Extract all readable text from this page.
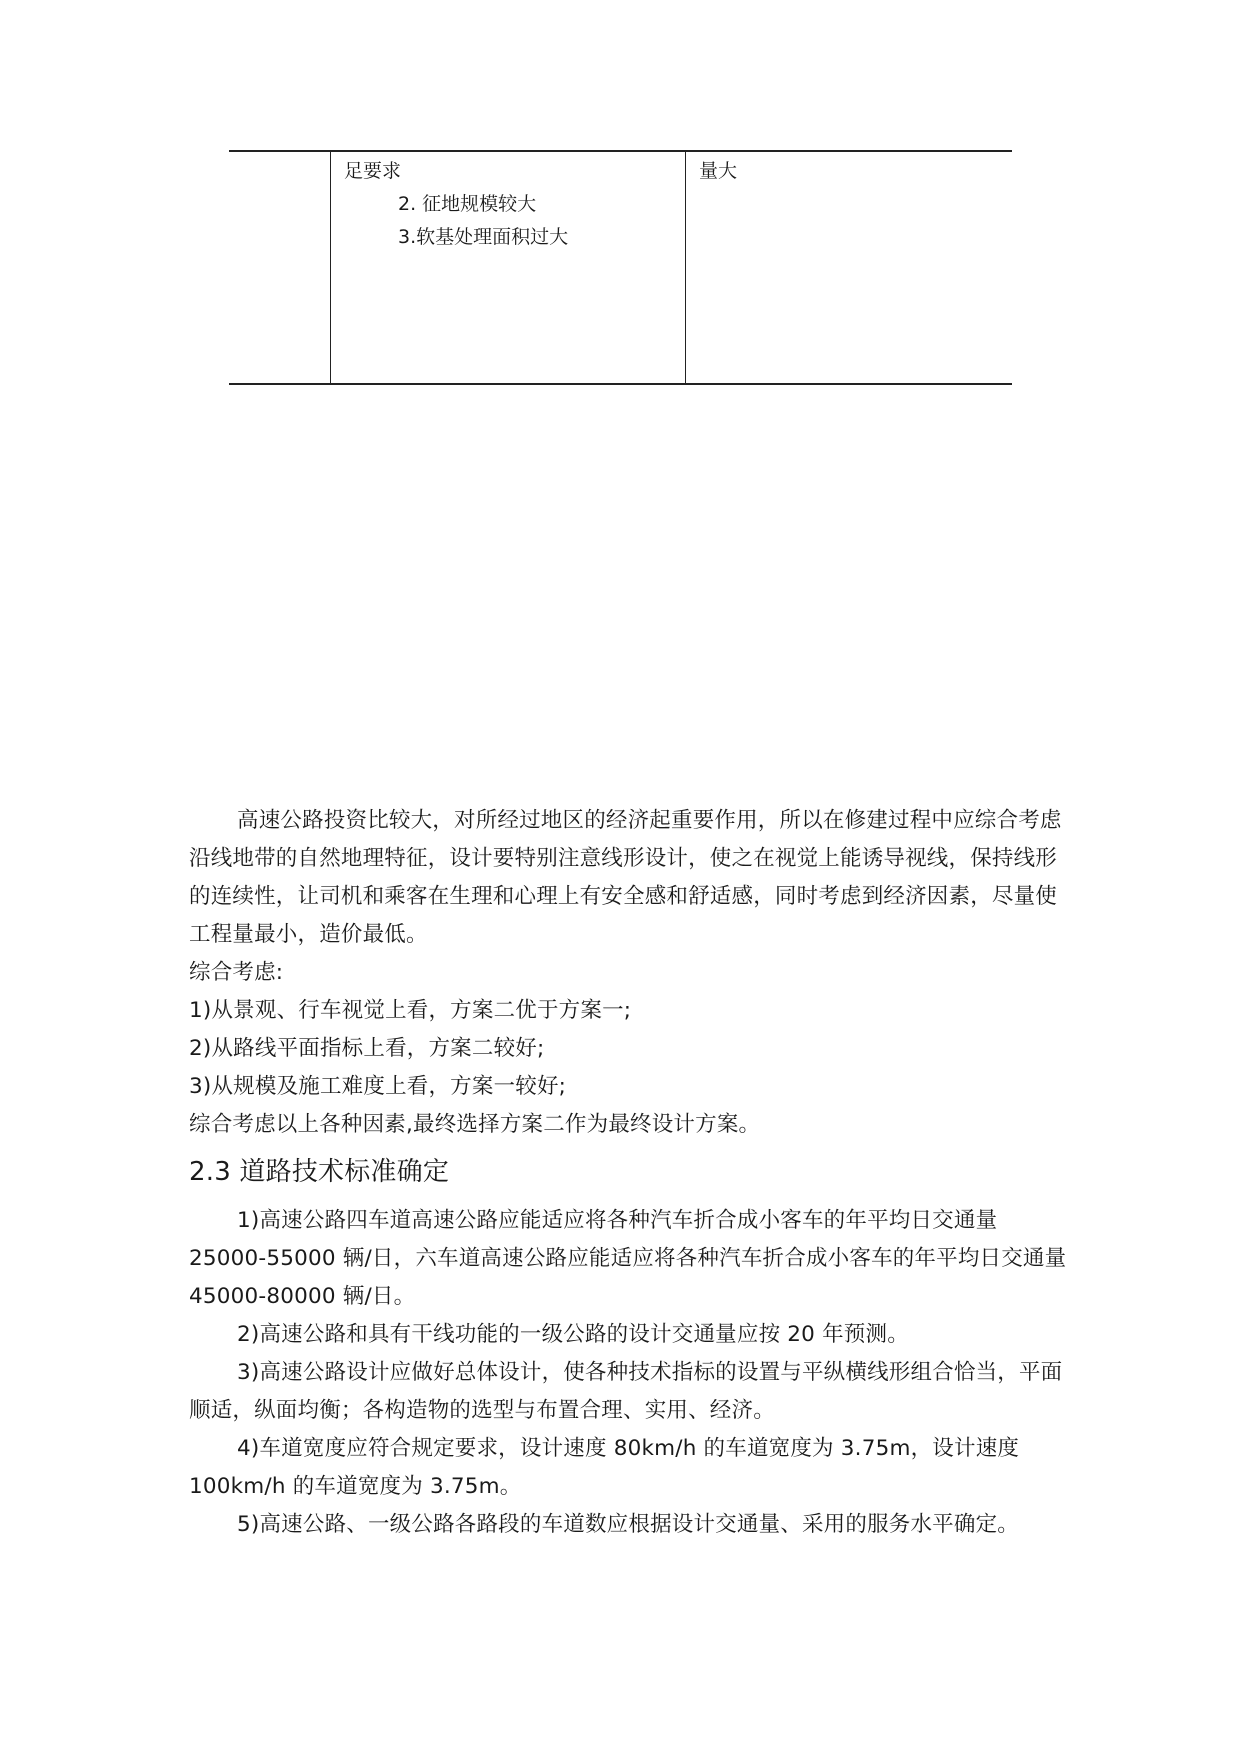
足要求
2. 征地规模较大
3.软基处理面积过大
量大

高速公路投资比较大，对所经过地区的经济起重要作用，所以在修建过程中应综合考虑沿线地带的自然地理特征，设计要特别注意线形设计，使之在视觉上能诱导视线，保持线形的连续性，让司机和乘客在生理和心理上有安全感和舒适感，同时考虑到经济因素，尽量使工程量最小，造价最低。

综合考虑:

1)从景观、行车视觉上看，方案二优于方案一;

2)从路线平面指标上看，方案二较好;

3)从规模及施工难度上看，方案一较好;

综合考虑以上各种因素,最终选择方案二作为最终设计方案。

2.3 道路技术标准确定

1)高速公路四车道高速公路应能适应将各种汽车折合成小客车的年平均日交通量 25000-55000 辆/日，六车道高速公路应能适应将各种汽车折合成小客车的年平均日交通量 45000-80000 辆/日。

2)高速公路和具有干线功能的一级公路的设计交通量应按 20 年预测。

3)高速公路设计应做好总体设计，使各种技术指标的设置与平纵横线形组合恰当，平面顺适，纵面均衡；各构造物的选型与布置合理、实用、经济。

4)车道宽度应符合规定要求，设计速度 80km/h 的车道宽度为 3.75m，设计速度 100km/h 的车道宽度为 3.75m。

5)高速公路、一级公路各路段的车道数应根据设计交通量、采用的服务水平确定。
